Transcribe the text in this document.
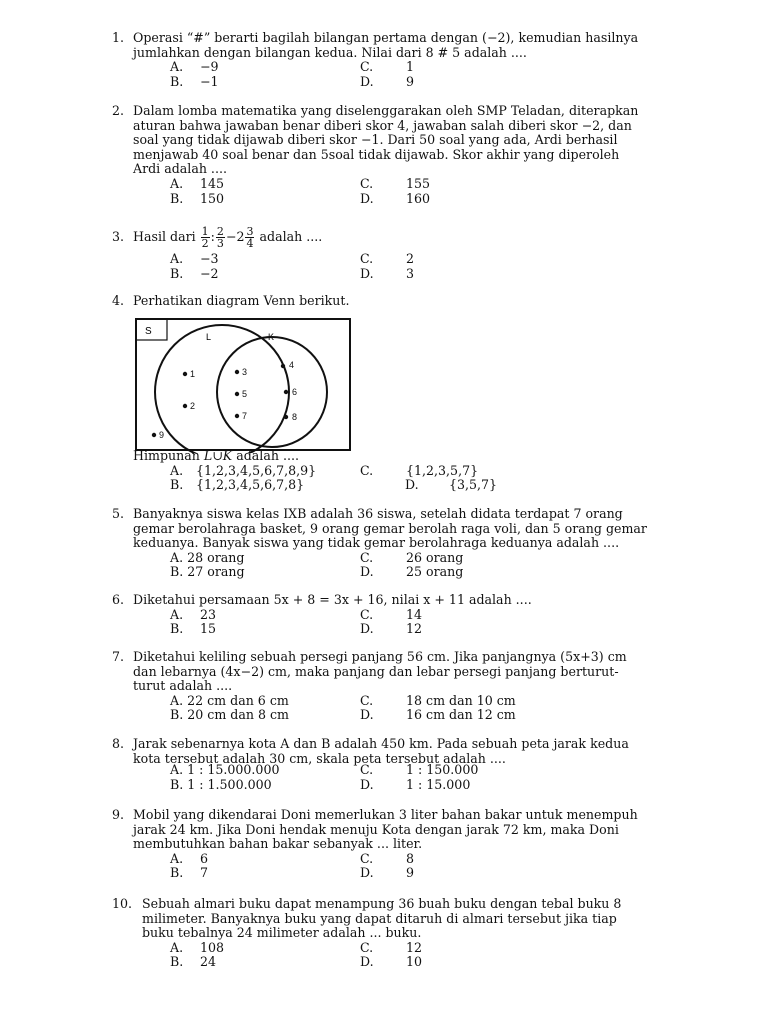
1. Operasi “#” berarti bagilah bilangan pertama dengan (−2), kemudian hasilnya
jumlahkan dengan bilangan kedua. Nilai dari 8 # 5 adalah ....
A. −9	C.	1
B. −1	D.	9
2. Dalam lomba matematika yang diselenggarakan oleh SMP Teladan, diterapkan
aturan bahwa jawaban benar diberi skor 4, jawaban salah diberi skor −2, dan
soal yang tidak dijawab diberi skor −1. Dari 50 soal yang ada, Ardi berhasil
menjawab 40 soal benar dan 5soal tidak dijawab. Skor akhir yang diperoleh
Ardi adalah ....
A. 145	C.	155
B. 150	D.	160
3. Hasil dari $\frac{1}{2}$ : $\frac{2}{3} -2 \frac{3}{4}$ adalah ....
A. −3	C.	2
B. −2	D.	3
4. Perhatikan diagram Venn berikut.
S	L	K
1
2
3
5
7
4
6
8
9
Himpunan L∪K adalah ....
A. {1,2,3,4,5,6,7,8,9}	C.	{1,2,3,5,7}
B. {1,2,3,4,5,6,7,8}	D. {3,5,7}
5. Banyaknya siswa kelas IXB adalah 36 siswa, setelah didata terdapat 7 orang
gemar berolahraga basket, 9 orang gemar berolah raga voli, dan 5 orang gemar
keduanya. Banyak siswa yang tidak gemar berolahraga keduanya adalah ....
A. 28 orang	C.	26 orang
B. 27 orang	D.	25 orang
6. Diketahui persamaan 5x + 8 = 3x + 16, nilai x + 11 adalah ....
A. 23	C.	14
B. 15	D.	12
7. Diketahui keliling sebuah persegi panjang 56 cm. Jika panjangnya (5x+3) cm
dan lebarnya (4x−2) cm, maka panjang dan lebar persegi panjang berturut-
turut adalah ....
A. 22 cm dan 6 cm	C.	18 cm dan 10 cm
B. 20 cm dan 8 cm	D.	16 cm dan 12 cm
8. Jarak sebenarnya kota A dan B adalah 450 km. Pada sebuah peta jarak kedua
kota tersebut adalah 30 cm, skala peta tersebut adalah ....
A. 1 : 15.000.000	C.	1 : 150.000
B. 1 : 1.500.000	D.	1 : 15.000
9. Mobil yang dikendarai Doni memerlukan 3 liter bahan bakar untuk menempuh
jarak 24 km. Jika Doni hendak menuju Kota dengan jarak 72 km, maka Doni
membutuhkan bahan bakar sebanyak ... liter.
A. 6	C.	8
B. 7	D.	9
10. Sebuah almari buku dapat menampung 36 buah buku dengan tebal buku 8
milimeter. Banyaknya buku yang dapat ditaruh di almari tersebut jika tiap
buku tebalnya 24 milimeter adalah ... buku.
A. 108	C.	12
B. 24	D.	10
